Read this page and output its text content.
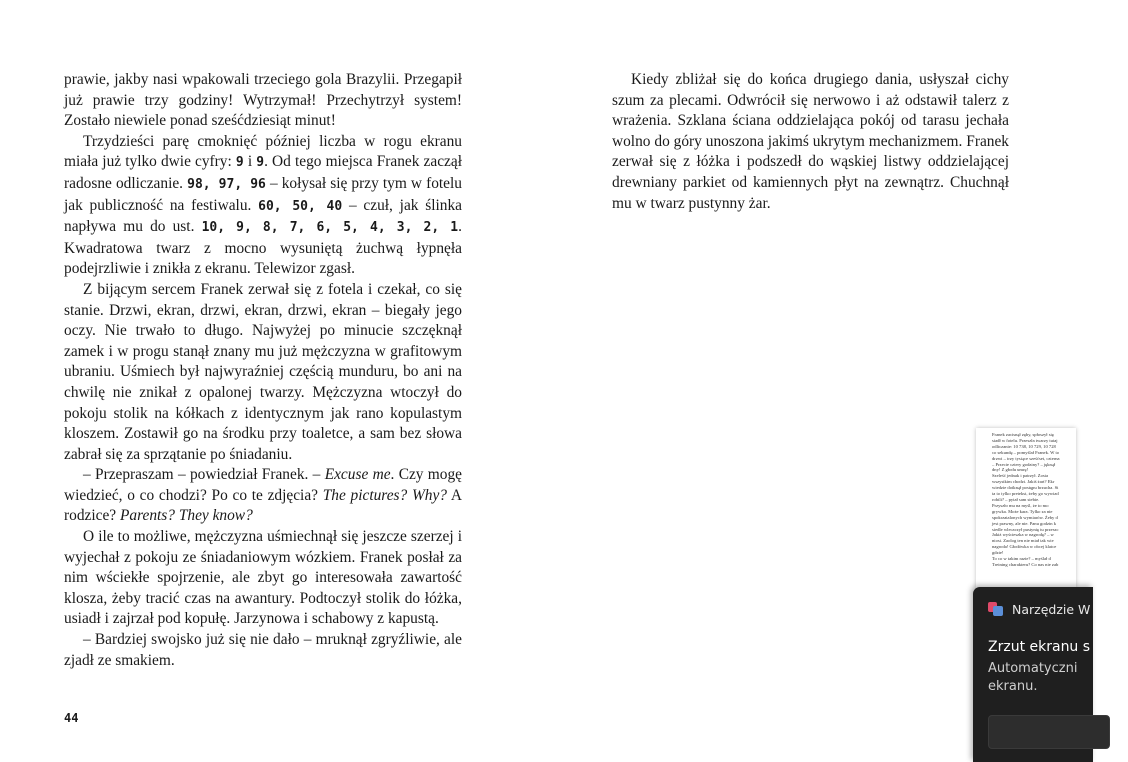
prawie, jakby nasi wpakowali trzeciego gola Brazylii. Przegapił już prawie trzy godziny! Wytrzymał! Przechytrzył system! Zostało niewiele ponad sześćdziesiąt minut!

Trzydzieści parę cmoknięć później liczba w rogu ekranu miała już tylko dwie cyfry: 9 i 9. Od tego miejsca Franek zaczął radosne odliczanie. 98, 97, 96 – kołysał się przy tym w fotelu jak publiczność na festiwalu. 60, 50, 40 – czuł, jak ślinka napływa mu do ust. 10, 9, 8, 7, 6, 5, 4, 3, 2, 1. Kwadratowa twarz z mocno wysuniętą żuchwą łypnęła podejrzliwie i znikła z ekranu. Telewizor zgasł.

Z bijącym sercem Franek zerwał się z fotela i czekał, co się stanie. Drzwi, ekran, drzwi, ekran, drzwi, ekran – biegały jego oczy. Nie trwało to długo. Najwyżej po minucie szczęknął zamek i w progu stanął znany mu już mężczyzna w grafitowym ubraniu. Uśmiech był najwyraźniej częścią munduru, bo ani na chwilę nie znikał z opalonej twarzy. Mężczyzna wtoczył do pokoju stolik na kółkach z identycznym jak rano kopulastym kloszem. Zostawił go na środku przy toaletce, a sam bez słowa zabrał się za sprzątanie po śniadaniu.

– Przepraszam – powiedział Franek. – Excuse me. Czy mogę wiedzieć, o co chodzi? Po co te zdjęcia? The pictures? Why? A rodzice? Parents? They know?

O ile to możliwe, mężczyzna uśmiechnął się jeszcze szerzej i wyjechał z pokoju ze śniadaniowym wózkiem. Franek posłał za nim wściekłe spojrzenie, ale zbyt go interesowała zawartość klosza, żeby tracić czas na awantury. Podtoczył stolik do łóżka, usiadł i zajrzał pod kopułę. Jarzynowa i schabowy z kapustą.

– Bardziej swojsko już się nie dało – mruknął zgryźliwie, ale zjadł ze smakiem.

44

Kiedy zbliżał się do końca drugiego dania, usłyszał cichy szum za plecami. Odwrócił się nerwowo i aż odstawił talerz z wrażenia. Szklana ściana oddzielająca pokój od tarasu jechała wolno do góry unoszona jakimś ukrytym mechanizmem. Franek zerwał się z łóżka i podszedł do wąskiej listwy oddzielającej drewniany parkiet od kamiennych płyt na zewnątrz. Chuchnął mu w twarz pustynny żar.

Franek zacisnął zęby, spłoszył się
siadł w fotelu. Przeszła twarzy tutaj
odliczanie: 10 738, 10 729, 10 728
co sekundę – pomyślał Franek. W to
drzwi – trzy tysiące sześćset, czterna
– Przecie cztery godziny? – jęknął
dny! Z głodu umrę!
Szeleść jednak i patrzył. Zosta
wszystkim chodzi. Jakiś żart? Ekr
wiedzie dotknął postępu brzucha. Si
ta to tylko pretekst, żeby go wywiad
robili? – pytał sam siebie.
Przyszło mu na myśl, że to mo
grywka. Może kara. Tylko za nie
spokrzatalonych wymiarów. Żeby d
jest prawny, ale nie. Panu godzin k
siedle wlecaczył pustynię tu przeszc
Jakiż wyścieszka w nagrodę? – w
niosi. Zaolog ten nie miał tak wie
nagroda! Głodówka w obcej klatce
gdzie!
To co w takim razie? – myślał d
Treining charakteru? Co nas nie zab
Narzędzie W
Zrzut ekranu s
Automatyczni
ekranu.
